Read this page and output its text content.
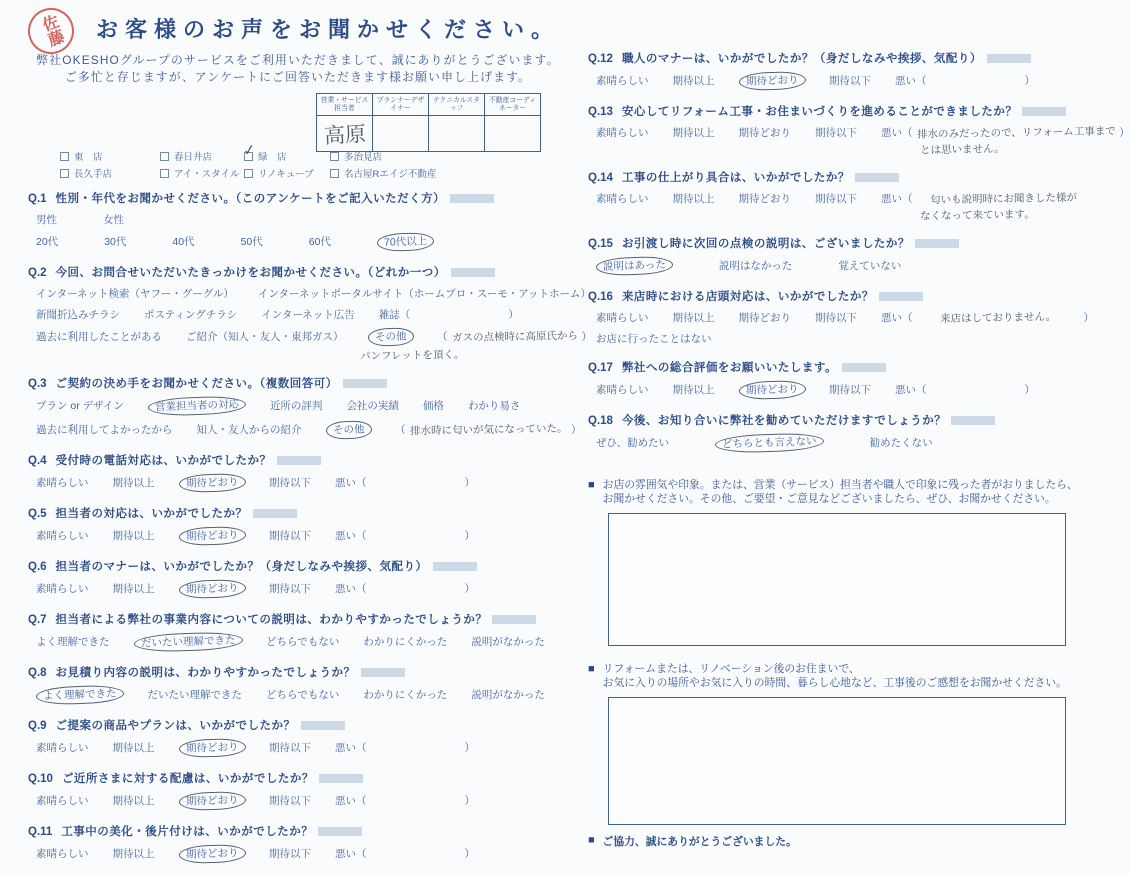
佐藤	お客様のお声をお聞かせください。
弊社OKESHOグループのサービスをご利用いただきまして、誠にありがとうございます。
ご多忙と存じますが、アンケートにご回答いただきます様お願い申し上げます。
営業・サービス担当者	プランナーデザイナー	テクニカルスタッフ	不動産コーディネーター
高原			
東　店	春日井店 ✓ 緑　店	多治見店
長久手店	アイ・スタイル リノキューブ	名古屋Rエイジ不動産
Q.1 性別・年代をお聞かせください。（このアンケートをご記入いただく方）
男性	女性
20代	30代	40代	50代	60代	70代以上
Q.2 今回、お問合せいただいたきっかけをお聞かせください。（どれか一つ）
インターネット検索（ヤフー・グーグル） インターネットポータルサイト（ホームプロ・スーモ・アットホーム）
新聞折込みチラシ ポスティングチラシ インターネット広告 雑誌（	）
過去に利用したことがある ご紹介（知人・友人・東邦ガス）	その他	（ ガスの点検時に高原氏から ）
パンフレットを頂く。
Q.3 ご契約の決め手をお聞かせください。（複数回答可）
プラン or デザイン	営業担当者の対応	近所の評判 会社の実績 価格 わかり易さ
過去に利用してよかったから 知人・友人からの紹介	その他	（ 排水時に匂いが気になっていた。 ）
Q.4 受付時の電話対応は、いかがでしたか？
素晴らしい 期待以上	期待どおり	期待以下 悪い（	）
Q.5 担当者の対応は、いかがでしたか？
素晴らしい 期待以上	期待どおり	期待以下 悪い（	）
Q.6 担当者のマナーは、いかがでしたか？（身だしなみや挨拶、気配り）
素晴らしい 期待以上	期待どおり	期待以下 悪い（	）
Q.7 担当者による弊社の事業内容についての説明は、わかりやすかったでしょうか？
よく理解できた	だいたい理解できた	どちらでもない わかりにくかった 説明がなかった
Q.8 お見積り内容の説明は、わかりやすかったでしょうか？
よく理解できた	だいたい理解できた どちらでもない わかりにくかった 説明がなかった
Q.9 ご提案の商品やプランは、いかがでしたか？
素晴らしい 期待以上	期待どおり	期待以下 悪い（	）
Q.10 ご近所さまに対する配慮は、いかがでしたか？
素晴らしい 期待以上	期待どおり	期待以下 悪い（	）
Q.11 工事中の美化・後片付けは、いかがでしたか？
素晴らしい 期待以上	期待どおり	期待以下 悪い（	）
Q.12 職人のマナーは、いかがでしたか？（身だしなみや挨拶、気配り）
素晴らしい 期待以上	期待どおり	期待以下 悪い（	）
Q.13 安心してリフォーム工事・お住まいづくりを進めることができましたか？
素晴らしい 期待以上 期待どおり 期待以下 悪い（ 排水のみだったので、リフォーム工事まで ）
とは思いません。
Q.14 工事の仕上がり具合は、いかがでしたか？
素晴らしい 期待以上 期待どおり 期待以下 悪い（ 匂いも説明時にお聞きした様が
なくなって来ています。
Q.15 お引渡し時に次回の点検の説明は、ございましたか？
説明はあった	説明はなかった	覚えていない
Q.16 来店時における店頭対応は、いかがでしたか？
素晴らしい 期待以上 期待どおり 期待以下 悪い（	来店はしておりません。	）
お店に行ったことはない
Q.17 弊社への総合評価をお願いいたします。
素晴らしい 期待以上	期待どおり	期待以下 悪い（	）
Q.18 今後、お知り合いに弊社を勧めていただけますでしょうか？
ぜひ、勧めたい	どちらとも言えない	勧めたくない
■ お店の雰囲気や印象。または、営業（サービス）担当者や職人で印象に残った者がおりましたら、
お聞かせください。その他、ご要望・ご意見などございましたら、ぜひ、お聞かせください。
■ リフォームまたは、リノベーション後のお住まいで、
お気に入りの場所やお気に入りの時間、暮らし心地など、工事後のご感想をお聞かせください。
■ ご協力、誠にありがとうございました。
